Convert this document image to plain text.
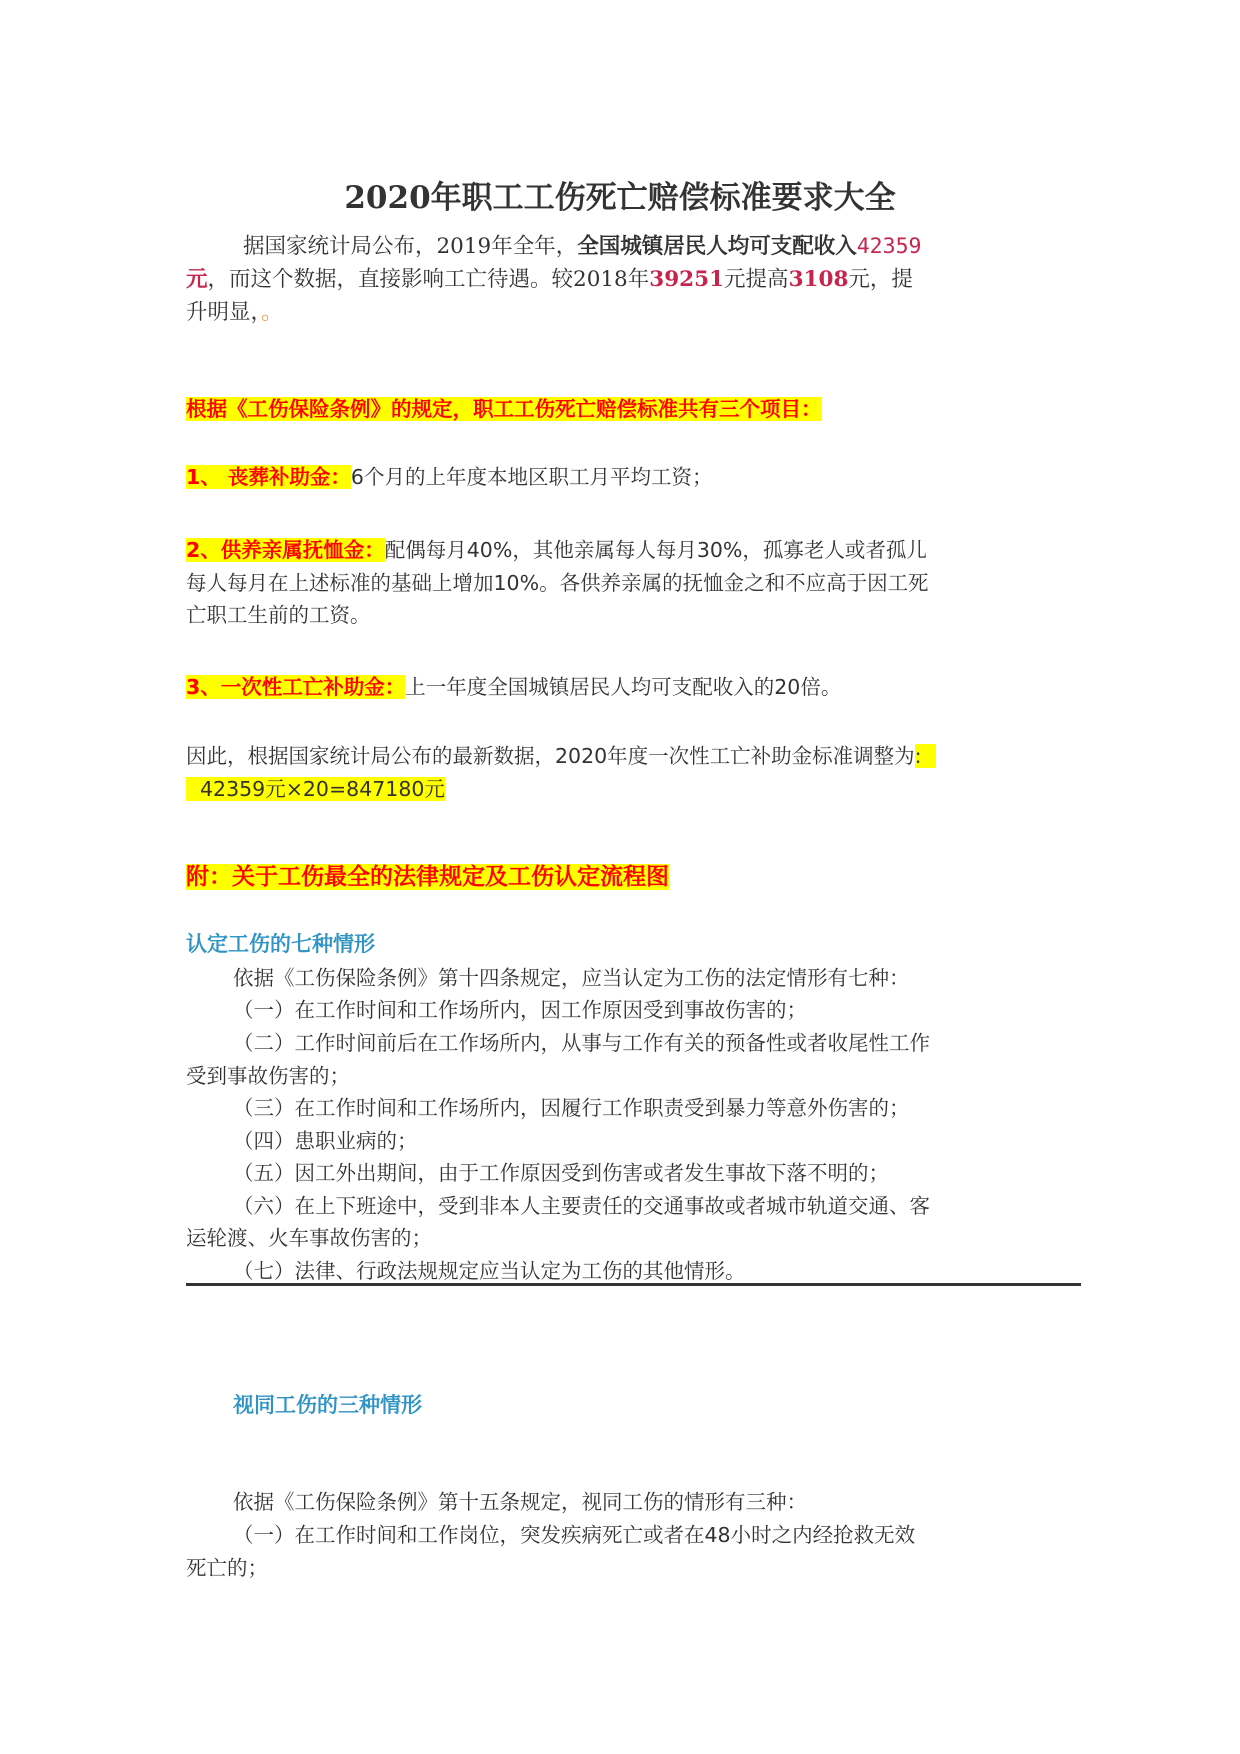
2020年职工工伤死亡赔偿标准要求大全
据国家统计局公布，2019年全年，全国城镇居民人均可支配收入42359
元，而这个数据，直接影响工亡待遇。较2018年39251元提高3108元，提
升明显，。
根据《工伤保险条例》的规定，职工工伤死亡赔偿标准共有三个项目：
1、 丧葬补助金：6个月的上年度本地区职工月平均工资；
2、供养亲属抚恤金：配偶每月40%，其他亲属每人每月30%，孤寡老人或者孤儿
每人每月在上述标准的基础上增加10%。各供养亲属的抚恤金之和不应高于因工死
亡职工生前的工资。
3、一次性工亡补助金：上一年度全国城镇居民人均可支配收入的20倍。
因此，根据国家统计局公布的最新数据，2020年度一次性工亡补助金标准调整为:
42359元×20=847180元
附：关于工伤最全的法律规定及工伤认定流程图
认定工伤的七种情形
依据《工伤保险条例》第十四条规定，应当认定为工伤的法定情形有七种：
（一）在工作时间和工作场所内，因工作原因受到事故伤害的；
（二）工作时间前后在工作场所内，从事与工作有关的预备性或者收尾性工作
受到事故伤害的；
（三）在工作时间和工作场所内，因履行工作职责受到暴力等意外伤害的；
（四）患职业病的；
（五）因工外出期间，由于工作原因受到伤害或者发生事故下落不明的；
（六）在上下班途中，受到非本人主要责任的交通事故或者城市轨道交通、客
运轮渡、火车事故伤害的；
（七）法律、行政法规规定应当认定为工伤的其他情形。
视同工伤的三种情形
依据《工伤保险条例》第十五条规定，视同工伤的情形有三种：
（一）在工作时间和工作岗位，突发疾病死亡或者在48小时之内经抢救无效
死亡的；
